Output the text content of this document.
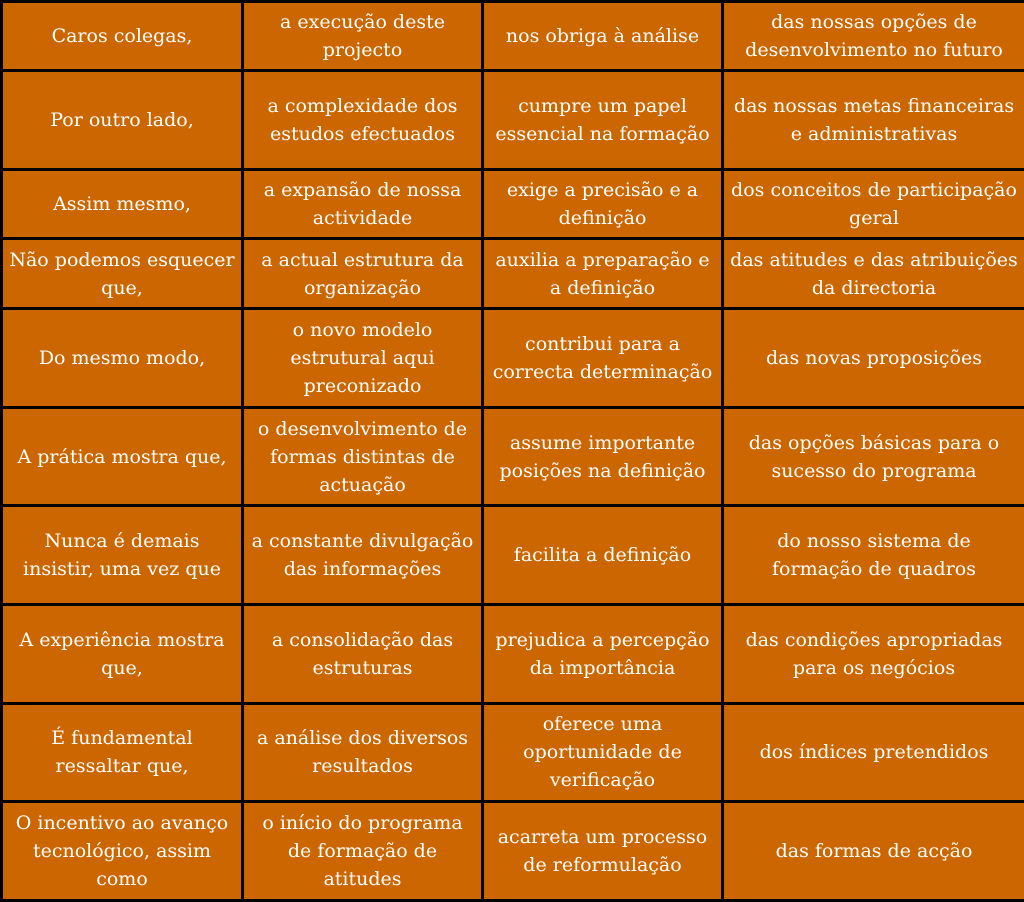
Caros colegas,	a execução deste projecto	nos obriga à análise	das nossas opções de desenvolvimento no futuro
Por outro lado,	a complexidade dos estudos efectuados	cumpre um papel essencial na formação	das nossas metas financeiras e administrativas
Assim mesmo,	a expansão de nossa actividade	exige a precisão e a definição	dos conceitos de participação geral
Não podemos esquecer que,	a actual estrutura da organização	auxilia a preparação e a definição	das atitudes e das atribuições da directoria
Do mesmo modo,	o novo modelo estrutural aqui preconizado	contribui para a correcta determinação	das novas proposições
A prática mostra que,	o desenvolvimento de formas distintas de actuação	assume importante posições na definição	das opções básicas para o sucesso do programa
Nunca é demais insistir, uma vez que	a constante divulgação das informações	facilita a definição	do nosso sistema de formação de quadros
A experiência mostra que,	a consolidação das estruturas	prejudica a percepção da importância	das condições apropriadas para os negócios
É fundamental ressaltar que,	a análise dos diversos resultados	oferece uma oportunidade de verificação	dos índices pretendidos
O incentivo ao avanço tecnológico, assim como	o início do programa de formação de atitudes	acarreta um processo de reformulação	das formas de acção
